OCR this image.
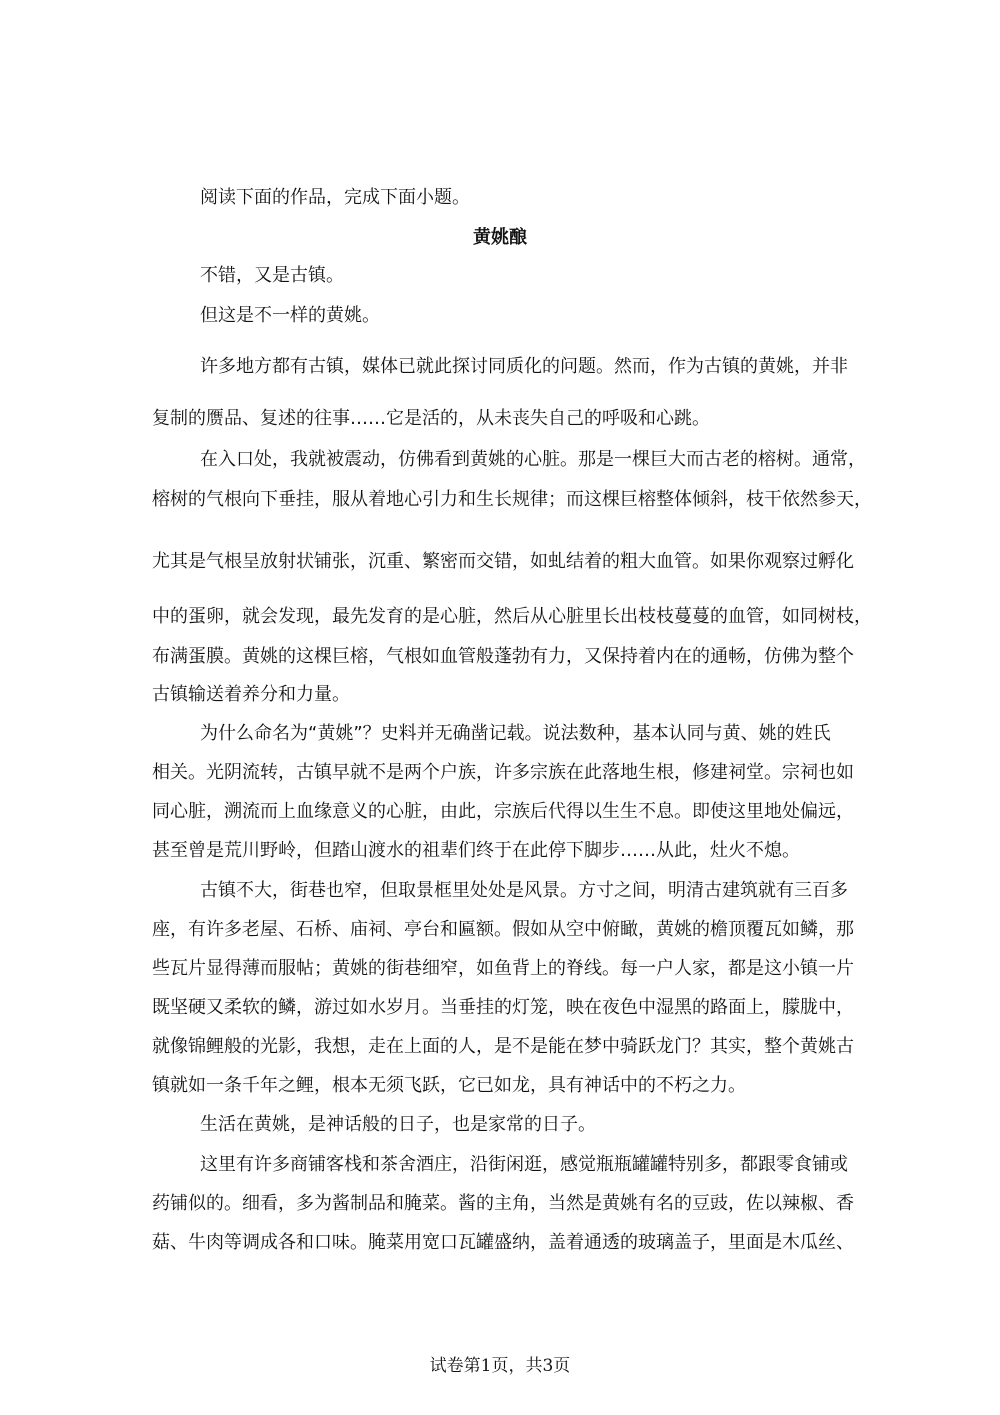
阅读下面的作品，完成下面小题。
黄姚酿
不错，又是古镇。
但这是不一样的黄姚。
许多地方都有古镇，媒体已就此探讨同质化的问题。然而，作为古镇的黄姚，并非
复制的赝品、复述的往事……它是活的，从未丧失自己的呼吸和心跳。
在入口处，我就被震动，仿佛看到黄姚的心脏。那是一棵巨大而古老的榕树。通常，
榕树的气根向下垂挂，服从着地心引力和生长规律；而这棵巨榕整体倾斜，枝干依然参天，
尤其是气根呈放射状铺张，沉重、繁密而交错，如虬结着的粗大血管。如果你观察过孵化
中的蛋卵，就会发现，最先发育的是心脏，然后从心脏里长出枝枝蔓蔓的血管，如同树枝，
布满蛋膜。黄姚的这棵巨榕，气根如血管般蓬勃有力，又保持着内在的通畅，仿佛为整个
古镇输送着养分和力量。
为什么命名为“黄姚”？史料并无确凿记载。说法数种，基本认同与黄、姚的姓氏
相关。光阴流转，古镇早就不是两个户族，许多宗族在此落地生根，修建祠堂。宗祠也如
同心脏，溯流而上血缘意义的心脏，由此，宗族后代得以生生不息。即使这里地处偏远，
甚至曾是荒川野岭，但踏山渡水的祖辈们终于在此停下脚步……从此，灶火不熄。
古镇不大，街巷也窄，但取景框里处处是风景。方寸之间，明清古建筑就有三百多
座，有许多老屋、石桥、庙祠、亭台和匾额。假如从空中俯瞰，黄姚的檐顶覆瓦如鳞，那
些瓦片显得薄而服帖；黄姚的街巷细窄，如鱼背上的脊线。每一户人家，都是这小镇一片
既坚硬又柔软的鳞，游过如水岁月。当垂挂的灯笼，映在夜色中湿黑的路面上，朦胧中，
就像锦鲤般的光影，我想，走在上面的人，是不是能在梦中骑跃龙门？其实，整个黄姚古
镇就如一条千年之鲤，根本无须飞跃，它已如龙，具有神话中的不朽之力。
生活在黄姚，是神话般的日子，也是家常的日子。
这里有许多商铺客栈和茶舍酒庄，沿街闲逛，感觉瓶瓶罐罐特别多，都跟零食铺或
药铺似的。细看，多为酱制品和腌菜。酱的主角，当然是黄姚有名的豆豉，佐以辣椒、香
菇、牛肉等调成各和口味。腌菜用宽口瓦罐盛纳，盖着通透的玻璃盖子，里面是木瓜丝、
试卷第1页，共3页
